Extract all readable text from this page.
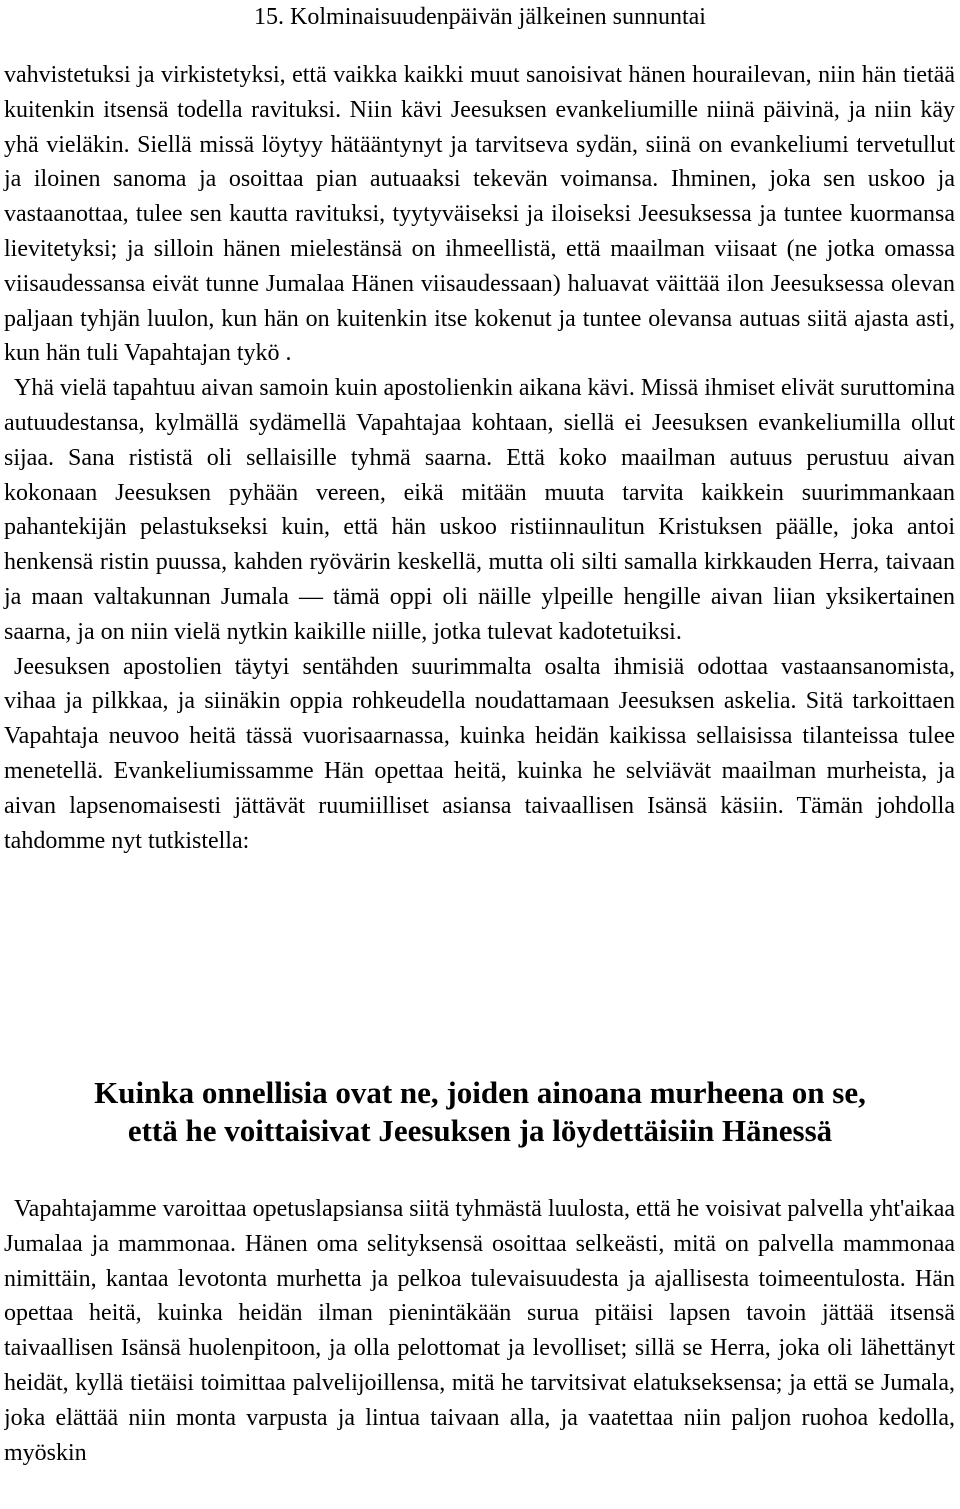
15. Kolminaisuudenpäivän jälkeinen sunnuntai

vahvistetuksi ja virkistetyksi, että vaikka kaikki muut sanoisivat hänen hourailevan, niin hän tietää kuitenkin itsensä todella ravituksi. Niin kävi Jeesuksen evankeliumille niinä päivinä, ja niin käy yhä vieläkin. Siellä missä löytyy hätääntynyt ja tarvitseva sydän, siinä on evankeliumi tervetullut ja iloinen sanoma ja osoittaa pian autuaaksi tekevän voimansa. Ihminen, joka sen uskoo ja vastaanottaa, tulee sen kautta ravituksi, tyytyväiseksi ja iloiseksi Jeesuksessa ja tuntee kuormansa lievitetyksi; ja silloin hänen mielestänsä on ihmeellistä, että maailman viisaat (ne jotka omassa viisaudessansa eivät tunne Jumalaa Hänen viisaudessaan) haluavat väittää ilon Jeesuksessa olevan paljaan tyhjän luulon, kun hän on kuitenkin itse kokenut ja tuntee olevansa autuas siitä ajasta asti, kun hän tuli Vapahtajan tykö .

Yhä vielä tapahtuu aivan samoin kuin apostolienkin aikana kävi. Missä ihmiset elivät suruttomina autuudestansa, kylmällä sydämellä Vapahtajaa kohtaan, siellä ei Jeesuksen evankeliumilla ollut sijaa. Sana rististä oli sellaisille tyhmä saarna. Että koko maailman autuus perustuu aivan kokonaan Jeesuksen pyhään vereen, eikä mitään muuta tarvita kaikkein suurimmankaan pahantekijän pelastukseksi kuin, että hän uskoo ristiinnaulitun Kristuksen päälle, joka antoi henkensä ristin puussa, kahden ryövärin keskellä, mutta oli silti samalla kirkkauden Herra, taivaan ja maan valtakunnan Jumala — tämä oppi oli näille ylpeille hengille aivan liian yksikertainen saarna, ja on niin vielä nytkin kaikille niille, jotka tulevat kadotetuiksi.

Jeesuksen apostolien täytyi sentähden suurimmalta osalta ihmisiä odottaa vastaansanomista, vihaa ja pilkkaa, ja siinäkin oppia rohkeudella noudattamaan Jeesuksen askelia. Sitä tarkoittaen Vapahtaja neuvoo heitä tässä vuorisaarnassa, kuinka heidän kaikissa sellaisissa tilanteissa tulee menetellä. Evankeliumissamme Hän opettaa heitä, kuinka he selviävät maailman murheista, ja aivan lapsenomaisesti jättävät ruumiilliset asiansa taivaallisen Isänsä käsiin. Tämän johdolla tahdomme nyt tutkistella:

Kuinka onnellisia ovat ne, joiden ainoana murheena on se,
että he voittaisivat Jeesuksen ja löydettäisiin Hänessä

Vapahtajamme varoittaa opetuslapsiansa siitä tyhmästä luulosta, että he voisivat palvella yht'aikaa Jumalaa ja mammonaa. Hänen oma selityksensä osoittaa selkeästi, mitä on palvella mammonaa nimittäin, kantaa levotonta murhetta ja pelkoa tulevaisuudesta ja ajallisesta toimeentulosta. Hän opettaa heitä, kuinka heidän ilman pienintäkään surua pitäisi lapsen tavoin jättää itsensä taivaallisen Isänsä huolenpitoon, ja olla pelottomat ja levolliset; sillä se Herra, joka oli lähettänyt heidät, kyllä tietäisi toimittaa palvelijoillensa, mitä he tarvitsivat elatukseksensa; ja että se Jumala, joka elättää niin monta varpusta ja lintua taivaan alla, ja vaatettaa niin paljon ruohoa kedolla, myöskin
